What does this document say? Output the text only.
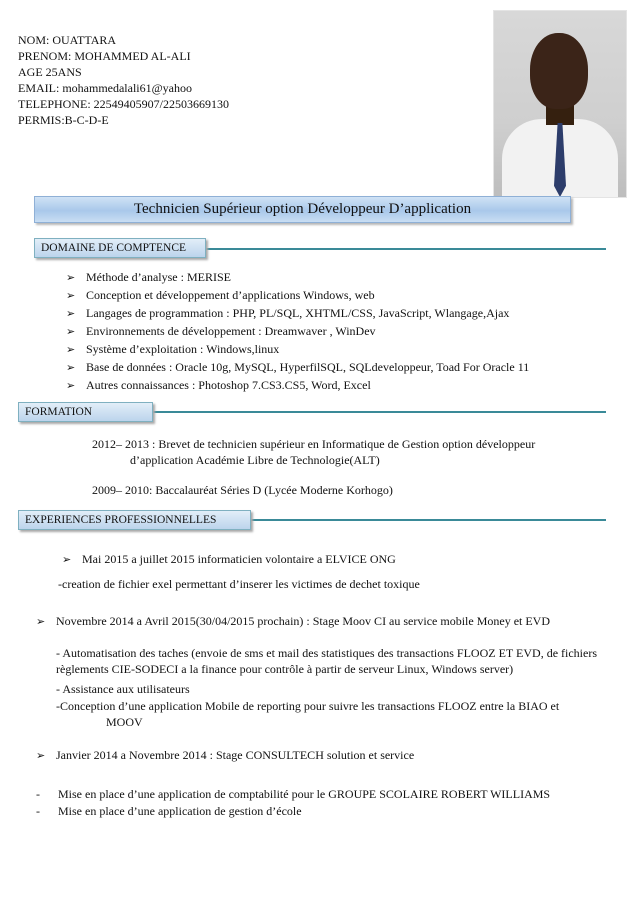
NOM: OUATTARA
PRENOM: MOHAMMED AL-ALI
AGE 25ANS
EMAIL: mohammedalali61@yahoo
TELEPHONE: 22549405907/22503669130
PERMIS:B-C-D-E
Technicien Supérieur option Développeur D’application
DOMAINE DE COMPTENCE
➢ Méthode d’analyse : MERISE
➢ Conception et développement d’applications Windows, web
➢ Langages de programmation : PHP, PL/SQL, XHTML/CSS, JavaScript, Wlangage,Ajax
➢ Environnements de développement : Dreamwaver , WinDev
➢ Système d’exploitation : Windows,linux
➢ Base de données : Oracle 10g, MySQL, HyperfilSQL, SQLdeveloppeur, Toad For Oracle 11
➢ Autres connaissances : Photoshop 7.CS3.CS5, Word, Excel
FORMATION
2012– 2013 : Brevet de technicien supérieur en Informatique de Gestion option développeur
d’application Académie Libre de Technologie(ALT)
2009– 2010: Baccalauréat Séries D (Lycée Moderne Korhogo)
EXPERIENCES PROFESSIONNELLES
➢ Mai 2015 a juillet 2015 informaticien volontaire a ELVICE ONG
-creation de fichier exel permettant d’inserer les victimes de dechet toxique
➢ Novembre 2014 a Avril 2015(30/04/2015 prochain) : Stage Moov CI au service mobile Money et EVD
- Automatisation des taches (envoie de sms et mail des statistiques des transactions FLOOZ ET EVD, de fichiers règlements CIE-SODECI a la finance pour contrôle à partir de serveur Linux, Windows server)
- Assistance aux utilisateurs
-Conception d’une application Mobile de reporting pour suivre les transactions FLOOZ entre la BIAO et
MOOV
➢ Janvier 2014 a Novembre 2014 : Stage CONSULTECH solution et service
- Mise en place d’une application de comptabilité pour le GROUPE SCOLAIRE ROBERT WILLIAMS
- Mise en place d’une application de gestion d’école
